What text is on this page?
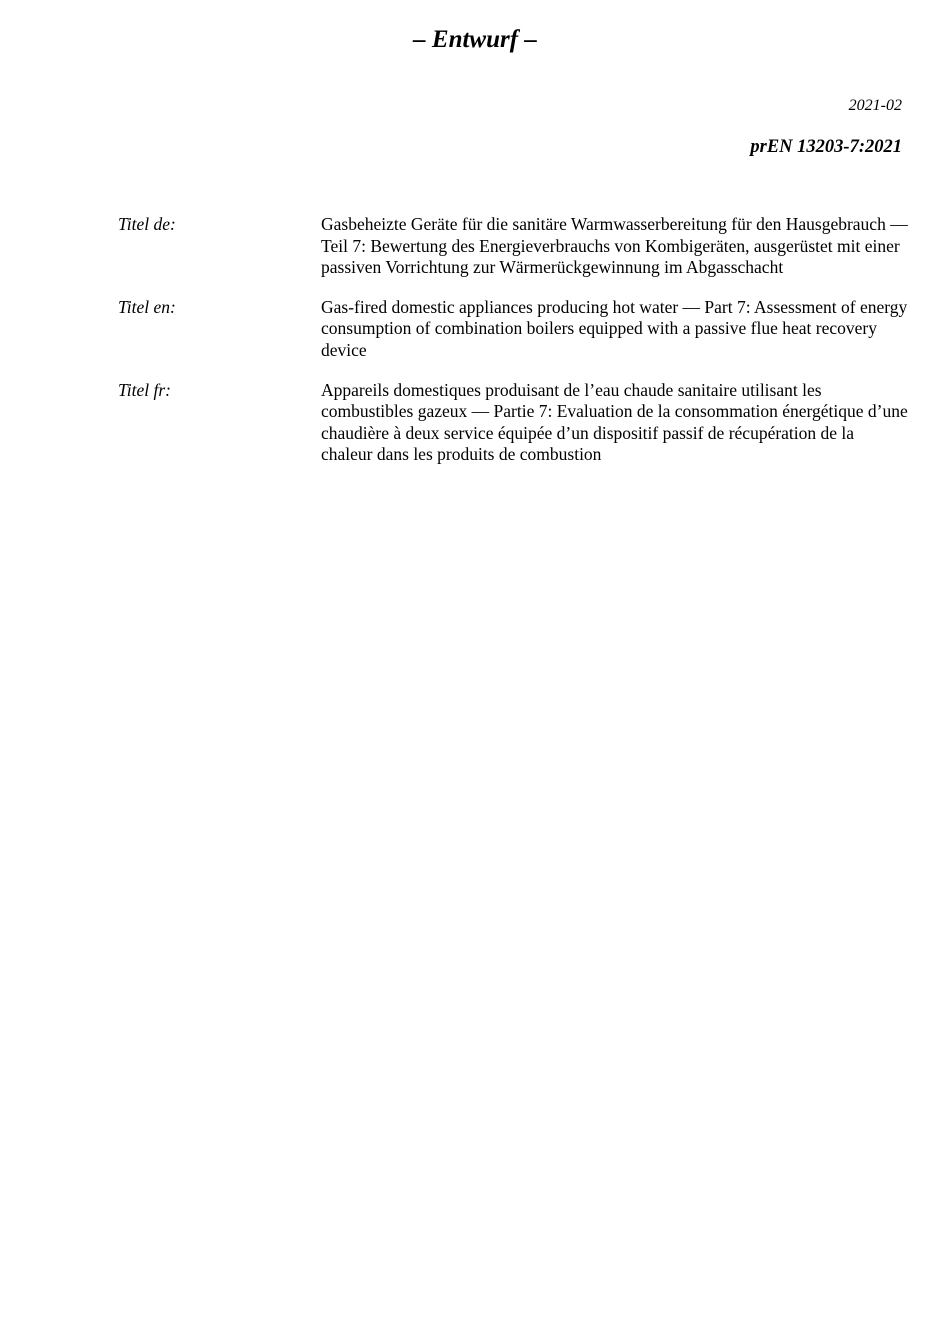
– Entwurf –
2021-02
prEN 13203-7:2021
Titel de:	Gasbeheizte Geräte für die sanitäre Warmwasserbereitung für den Hausgebrauch — Teil 7: Bewertung des Energieverbrauchs von Kombigeräten, ausgerüstet mit einer passiven Vorrichtung zur Wärmerückgewinnung im Abgasschacht
Titel en:	Gas-fired domestic appliances producing hot water — Part 7: Assessment of energy consumption of combination boilers equipped with a passive flue heat recovery device
Titel fr:	Appareils domestiques produisant de l’eau chaude sanitaire utilisant les combustibles gazeux — Partie 7: Evaluation de la consommation énergétique d’une chaudière à deux service équipée d’un dispositif passif de récupération de la chaleur dans les produits de combustion
